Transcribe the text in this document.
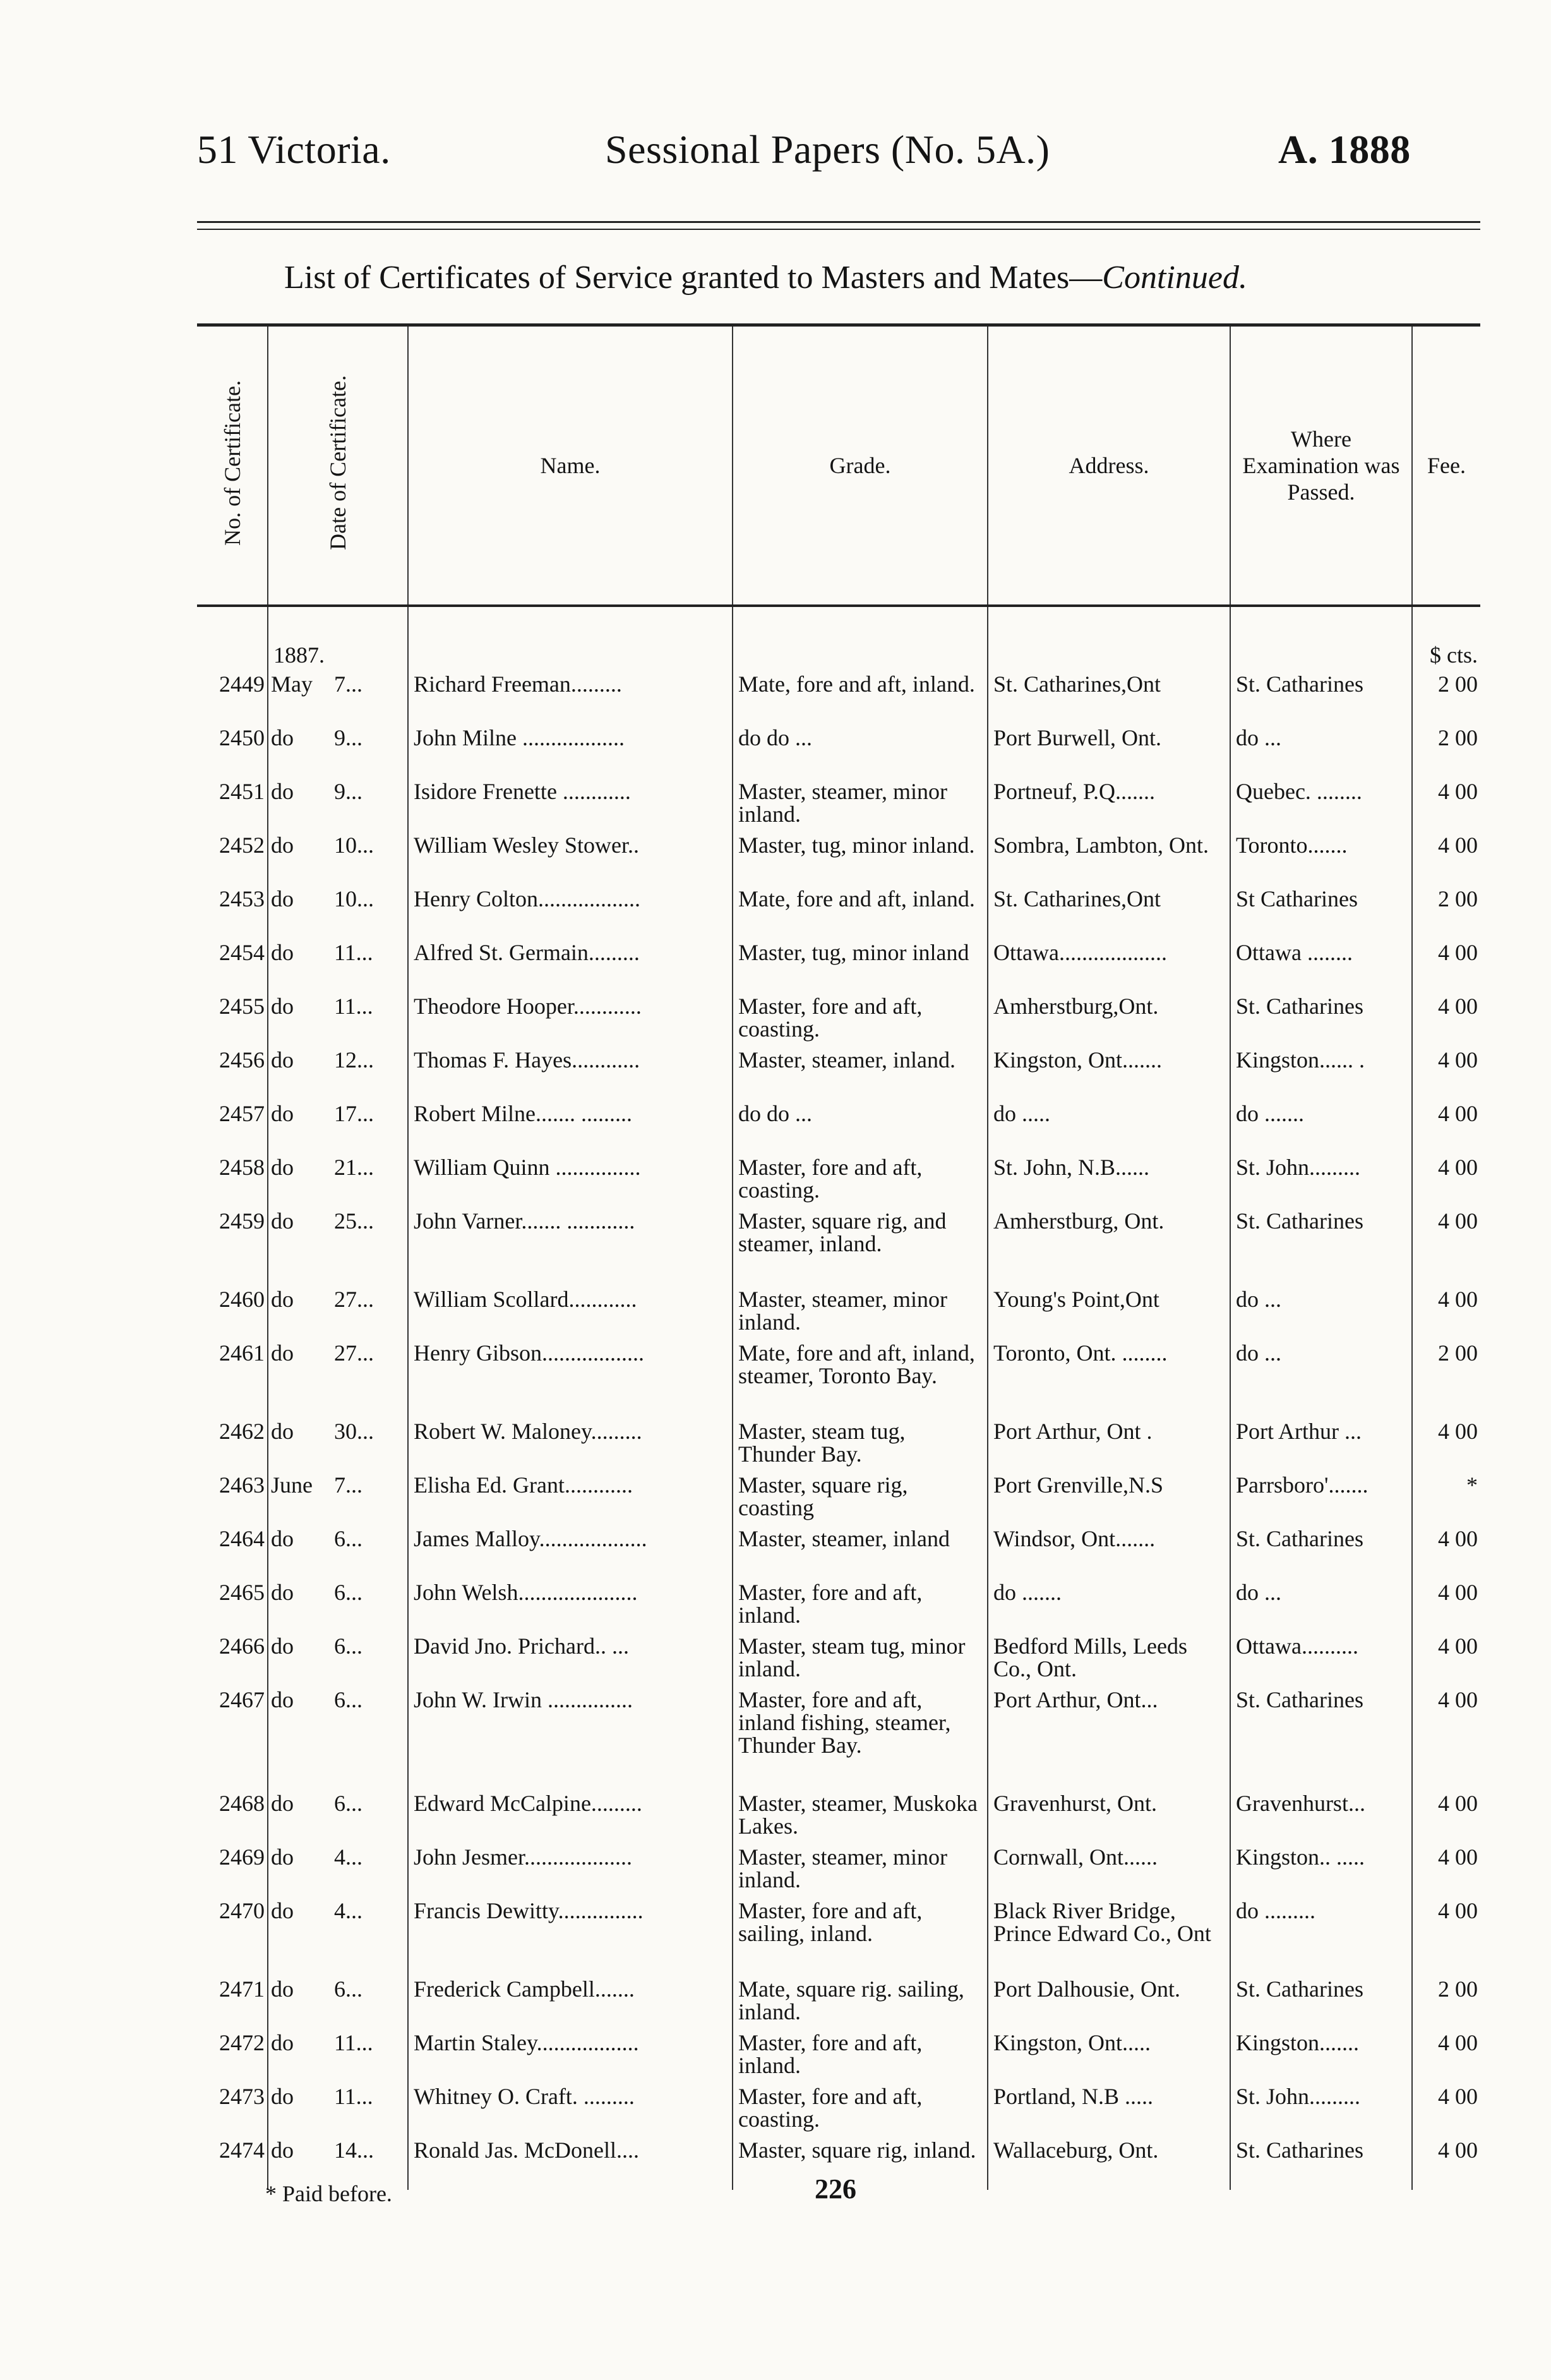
51 Victoria.	Sessional Papers (No. 5A.)	A. 1888
List of Certificates of Service granted to Masters and Mates—Continued.
No. of Certificate.	Date of Certificate.	Name.	Grade.	Address.	Where Examination was Passed.	Fee.
	1887.					$ cts.
2449	May 7...	Richard Freeman.........	Mate, fore and aft, inland.	St. Catharines,Ont	St. Catharines	2 00
2450	do 9...	John Milne ..................	do do ...	Port Burwell, Ont.	do ...	2 00
2451	do 9...	Isidore Frenette ............	Master, steamer, minor inland.	Portneuf, P.Q.......	Quebec. ........	4 00
2452	do 10...	William Wesley Stower..	Master, tug, minor inland.	Sombra, Lambton, Ont.	Toronto.......	4 00
2453	do 10...	Henry Colton..................	Mate, fore and aft, inland.	St. Catharines,Ont	St Catharines	2 00
2454	do 11...	Alfred St. Germain.........	Master, tug, minor inland	Ottawa...................	Ottawa ........	4 00
2455	do 11...	Theodore Hooper............	Master, fore and aft, coasting.	Amherstburg,Ont.	St. Catharines	4 00
2456	do 12...	Thomas F. Hayes............	Master, steamer, inland.	Kingston, Ont.......	Kingston...... .	4 00
2457	do 17...	Robert Milne....... .........	do do ...	do .....	do .......	4 00
2458	do 21...	William Quinn ...............	Master, fore and aft, coasting.	St. John, N.B......	St. John.........	4 00
2459	do 25...	John Varner....... ............	Master, square rig, and steamer, inland.	Amherstburg, Ont.	St. Catharines	4 00
2460	do 27...	William Scollard............	Master, steamer, minor inland.	Young's Point,Ont	do ...	4 00
2461	do 27...	Henry Gibson..................	Mate, fore and aft, inland, steamer, Toronto Bay.	Toronto, Ont. ........	do ...	2 00
2462	do 30...	Robert W. Maloney.........	Master, steam tug, Thunder Bay.	Port Arthur, Ont .	Port Arthur ...	4 00
2463	June 7...	Elisha Ed. Grant............	Master, square rig, coasting	Port Grenville,N.S	Parrsboro'.......	*
2464	do 6...	James Malloy...................	Master, steamer, inland	Windsor, Ont.......	St. Catharines	4 00
2465	do 6...	John Welsh.....................	Master, fore and aft, inland.	do .......	do ...	4 00
2466	do 6...	David Jno. Prichard.. ...	Master, steam tug, minor inland.	Bedford Mills, Leeds Co., Ont.	Ottawa..........	4 00
2467	do 6...	John W. Irwin ...............	Master, fore and aft, inland fishing, steamer, Thunder Bay.	Port Arthur, Ont...	St. Catharines	4 00
2468	do 6...	Edward McCalpine.........	Master, steamer, Muskoka Lakes.	Gravenhurst, Ont.	Gravenhurst...	4 00
2469	do 4...	John Jesmer...................	Master, steamer, minor inland.	Cornwall, Ont......	Kingston.. .....	4 00
2470	do 4...	Francis Dewitty...............	Master, fore and aft, sailing, inland.	Black River Bridge, Prince Edward Co., Ont	do .........	4 00
2471	do 6...	Frederick Campbell.......	Mate, square rig. sailing, inland.	Port Dalhousie, Ont.	St. Catharines	2 00
2472	do 11...	Martin Staley..................	Master, fore and aft, inland.	Kingston, Ont.....	Kingston.......	4 00
2473	do 11...	Whitney O. Craft. .........	Master, fore and aft, coasting.	Portland, N.B .....	St. John.........	4 00
2474	do 14...	Ronald Jas. McDonell....	Master, square rig, inland.	Wallaceburg, Ont.	St. Catharines	4 00
* Paid before.	226
